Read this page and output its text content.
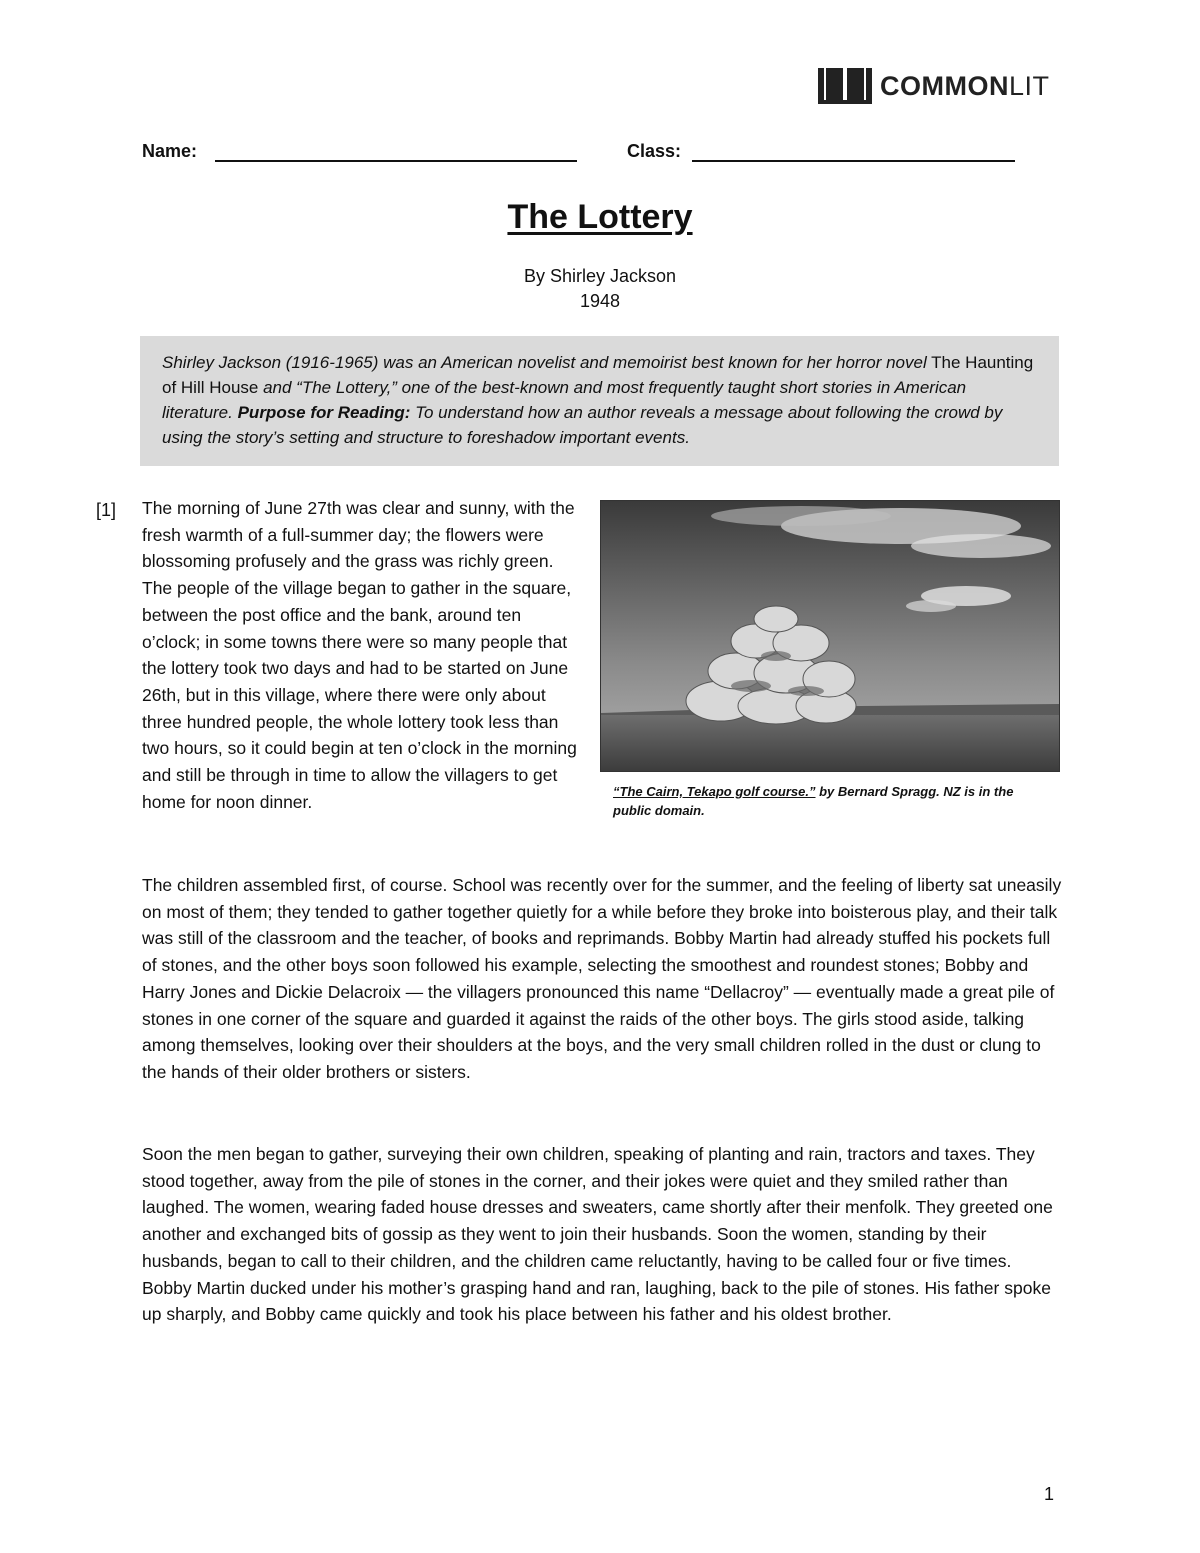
COMMONLIT
Name:	Class:
The Lottery
By Shirley Jackson
1948
Shirley Jackson (1916-1965) was an American novelist and memoirist best known for her horror novel The Haunting of Hill House and “The Lottery,” one of the best-known and most frequently taught short stories in American literature. Purpose for Reading: To understand how an author reveals a message about following the crowd by using the story’s setting and structure to foreshadow important events.
[1] The morning of June 27th was clear and sunny, with the fresh warmth of a full-summer day; the flowers were blossoming profusely and the grass was richly green. The people of the village began to gather in the square, between the post office and the bank, around ten o’clock; in some towns there were so many people that the lottery took two days and had to be started on June 26th, but in this village, where there were only about three hundred people, the whole lottery took less than two hours, so it could begin at ten o’clock in the morning and still be through in time to allow the villagers to get home for noon dinner.

“The Cairn, Tekapo golf course.” by Bernard Spragg. NZ is in the public domain.

The children assembled first, of course. School was recently over for the summer, and the feeling of liberty sat uneasily on most of them; they tended to gather together quietly for a while before they broke into boisterous play, and their talk was still of the classroom and the teacher, of books and reprimands. Bobby Martin had already stuffed his pockets full of stones, and the other boys soon followed his example, selecting the smoothest and roundest stones; Bobby and Harry Jones and Dickie Delacroix — the villagers pronounced this name “Dellacroy” — eventually made a great pile of stones in one corner of the square and guarded it against the raids of the other boys. The girls stood aside, talking among themselves, looking over their shoulders at the boys, and the very small children rolled in the dust or clung to the hands of their older brothers or sisters.

Soon the men began to gather, surveying their own children, speaking of planting and rain, tractors and taxes. They stood together, away from the pile of stones in the corner, and their jokes were quiet and they smiled rather than laughed. The women, wearing faded house dresses and sweaters, came shortly after their menfolk. They greeted one another and exchanged bits of gossip as they went to join their husbands. Soon the women, standing by their husbands, began to call to their children, and the children came reluctantly, having to be called four or five times. Bobby Martin ducked under his mother’s grasping hand and ran, laughing, back to the pile of stones. His father spoke up sharply, and Bobby came quickly and took his place between his father and his oldest brother.

1
